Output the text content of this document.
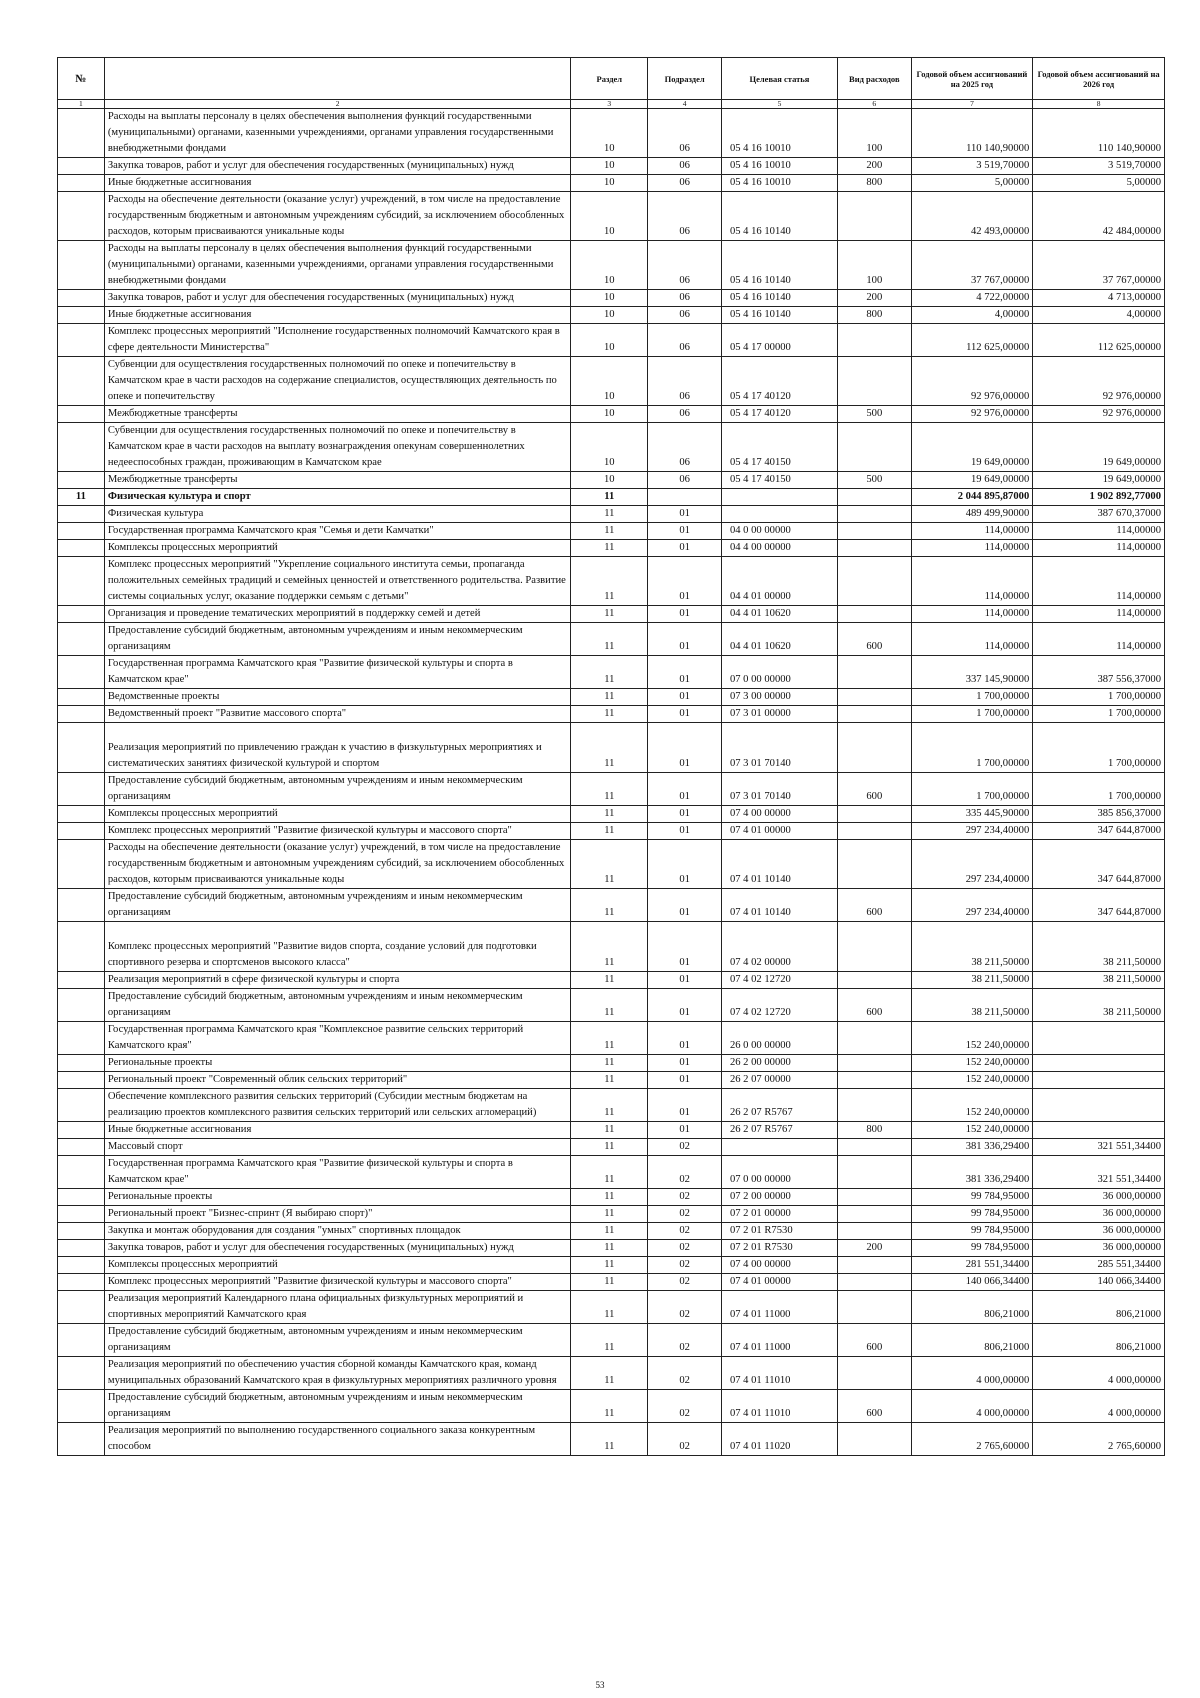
№		Раздел	Подраздел	Целевая статья	Вид расходов	Годовой объем ассигнований на 2025 год	Годовой объем ассигнований на 2026 год
1	2	3	4	5	6	7	8
	Расходы на выплаты персоналу в целях обеспечения выполнения функций государственными (муниципальными) органами, казенными учреждениями, органами управления государственными внебюджетными фондами	10	06	05 4 16 10010	100	110 140,90000	110 140,90000
	Закупка товаров, работ и услуг для обеспечения государственных (муниципальных) нужд	10	06	05 4 16 10010	200	3 519,70000	3 519,70000
	Иные бюджетные ассигнования	10	06	05 4 16 10010	800	5,00000	5,00000
	Расходы на обеспечение деятельности (оказание услуг) учреждений, в том числе на предоставление государственным бюджетным и автономным учреждениям субсидий, за исключением обособленных расходов, которым присваиваются уникальные коды	10	06	05 4 16 10140		42 493,00000	42 484,00000
	Расходы на выплаты персоналу в целях обеспечения выполнения функций государственными (муниципальными) органами, казенными учреждениями, органами управления государственными внебюджетными фондами	10	06	05 4 16 10140	100	37 767,00000	37 767,00000
	Закупка товаров, работ и услуг для обеспечения государственных (муниципальных) нужд	10	06	05 4 16 10140	200	4 722,00000	4 713,00000
	Иные бюджетные ассигнования	10	06	05 4 16 10140	800	4,00000	4,00000
	Комплекс процессных мероприятий "Исполнение государственных полномочий Камчатского края в сфере деятельности Министерства"	10	06	05 4 17 00000		112 625,00000	112 625,00000
	Субвенции для осуществления государственных полномочий по опеке и попечительству в Камчатском крае в части расходов на содержание специалистов, осуществляющих деятельность по опеке и попечительству	10	06	05 4 17 40120		92 976,00000	92 976,00000
	Межбюджетные трансферты	10	06	05 4 17 40120	500	92 976,00000	92 976,00000
	Субвенции для осуществления государственных полномочий по опеке и попечительству в Камчатском крае в части расходов на выплату вознаграждения опекунам совершеннолетних недееспособных граждан, проживающим в Камчатском крае	10	06	05 4 17 40150		19 649,00000	19 649,00000
	Межбюджетные трансферты	10	06	05 4 17 40150	500	19 649,00000	19 649,00000
11	Физическая культура и спорт	11				2 044 895,87000	1 902 892,77000
	Физическая культура	11	01			489 499,90000	387 670,37000
	Государственная программа Камчатского края "Семья и дети Камчатки"	11	01	04 0 00 00000		114,00000	114,00000
	Комплексы процессных мероприятий	11	01	04 4 00 00000		114,00000	114,00000
	Комплекс процессных мероприятий "Укрепление социального института семьи, пропаганда положительных семейных традиций и семейных ценностей и ответственного родительства. Развитие системы социальных услуг, оказание поддержки семьям с детьми"	11	01	04 4 01 00000		114,00000	114,00000
	Организация и проведение тематических мероприятий в поддержку семей и детей	11	01	04 4 01 10620		114,00000	114,00000
	Предоставление субсидий бюджетным, автономным учреждениям и иным некоммерческим организациям	11	01	04 4 01 10620	600	114,00000	114,00000
	Государственная программа Камчатского края "Развитие физической культуры и спорта в Камчатском крае"	11	01	07 0 00 00000		337 145,90000	387 556,37000
	Ведомственные проекты	11	01	07 3 00 00000		1 700,00000	1 700,00000
	Ведомственный проект "Развитие массового спорта"	11	01	07 3 01 00000		1 700,00000	1 700,00000
	Реализация мероприятий по привлечению граждан к участию в физкультурных мероприятиях и систематических занятиях физической культурой и спортом	11	01	07 3 01 70140		1 700,00000	1 700,00000
	Предоставление субсидий бюджетным, автономным учреждениям и иным некоммерческим организациям	11	01	07 3 01 70140	600	1 700,00000	1 700,00000
	Комплексы процессных мероприятий	11	01	07 4 00 00000		335 445,90000	385 856,37000
	Комплекс процессных мероприятий "Развитие физической культуры и массового спорта"	11	01	07 4 01 00000		297 234,40000	347 644,87000
	Расходы на обеспечение деятельности (оказание услуг) учреждений, в том числе на предоставление государственным бюджетным и автономным учреждениям субсидий, за исключением обособленных расходов, которым присваиваются уникальные коды	11	01	07 4 01 10140		297 234,40000	347 644,87000
	Предоставление субсидий бюджетным, автономным учреждениям и иным некоммерческим организациям	11	01	07 4 01 10140	600	297 234,40000	347 644,87000
	Комплекс процессных мероприятий "Развитие видов спорта, создание условий для подготовки спортивного резерва и спортсменов высокого класса"	11	01	07 4 02 00000		38 211,50000	38 211,50000
	Реализация мероприятий в сфере физической культуры и спорта	11	01	07 4 02 12720		38 211,50000	38 211,50000
	Предоставление субсидий бюджетным, автономным учреждениям и иным некоммерческим организациям	11	01	07 4 02 12720	600	38 211,50000	38 211,50000
	Государственная программа Камчатского края "Комплексное развитие сельских территорий Камчатского края"	11	01	26 0 00 00000		152 240,00000	
	Региональные проекты	11	01	26 2 00 00000		152 240,00000	
	Региональный проект "Современный облик сельских территорий"	11	01	26 2 07 00000		152 240,00000	
	Обеспечение комплексного развития сельских территорий (Субсидии местным бюджетам на реализацию проектов комплексного развития сельских территорий или сельских агломераций)	11	01	26 2 07 R5767		152 240,00000	
	Иные бюджетные ассигнования	11	01	26 2 07 R5767	800	152 240,00000	
	Массовый спорт	11	02			381 336,29400	321 551,34400
	Государственная программа Камчатского края "Развитие физической культуры и спорта в Камчатском крае"	11	02	07 0 00 00000		381 336,29400	321 551,34400
	Региональные проекты	11	02	07 2 00 00000		99 784,95000	36 000,00000
	Региональный проект "Бизнес-спринт (Я выбираю спорт)"	11	02	07 2 01 00000		99 784,95000	36 000,00000
	Закупка и монтаж оборудования для создания "умных" спортивных площадок	11	02	07 2 01 R7530		99 784,95000	36 000,00000
	Закупка товаров, работ и услуг для обеспечения государственных (муниципальных) нужд	11	02	07 2 01 R7530	200	99 784,95000	36 000,00000
	Комплексы процессных мероприятий	11	02	07 4 00 00000		281 551,34400	285 551,34400
	Комплекс процессных мероприятий "Развитие физической культуры и массового спорта"	11	02	07 4 01 00000		140 066,34400	140 066,34400
	Реализация мероприятий Календарного плана официальных физкультурных мероприятий и спортивных мероприятий Камчатского края	11	02	07 4 01 11000		806,21000	806,21000
	Предоставление субсидий бюджетным, автономным учреждениям и иным некоммерческим организациям	11	02	07 4 01 11000	600	806,21000	806,21000
	Реализация мероприятий по обеспечению участия сборной команды Камчатского края, команд муниципальных образований Камчатского края в физкультурных мероприятиях различного уровня	11	02	07 4 01 11010		4 000,00000	4 000,00000
	Предоставление субсидий бюджетным, автономным учреждениям и иным некоммерческим организациям	11	02	07 4 01 11010	600	4 000,00000	4 000,00000
	Реализация мероприятий по выполнению государственного социального заказа конкурентным способом	11	02	07 4 01 11020		2 765,60000	2 765,60000
53
